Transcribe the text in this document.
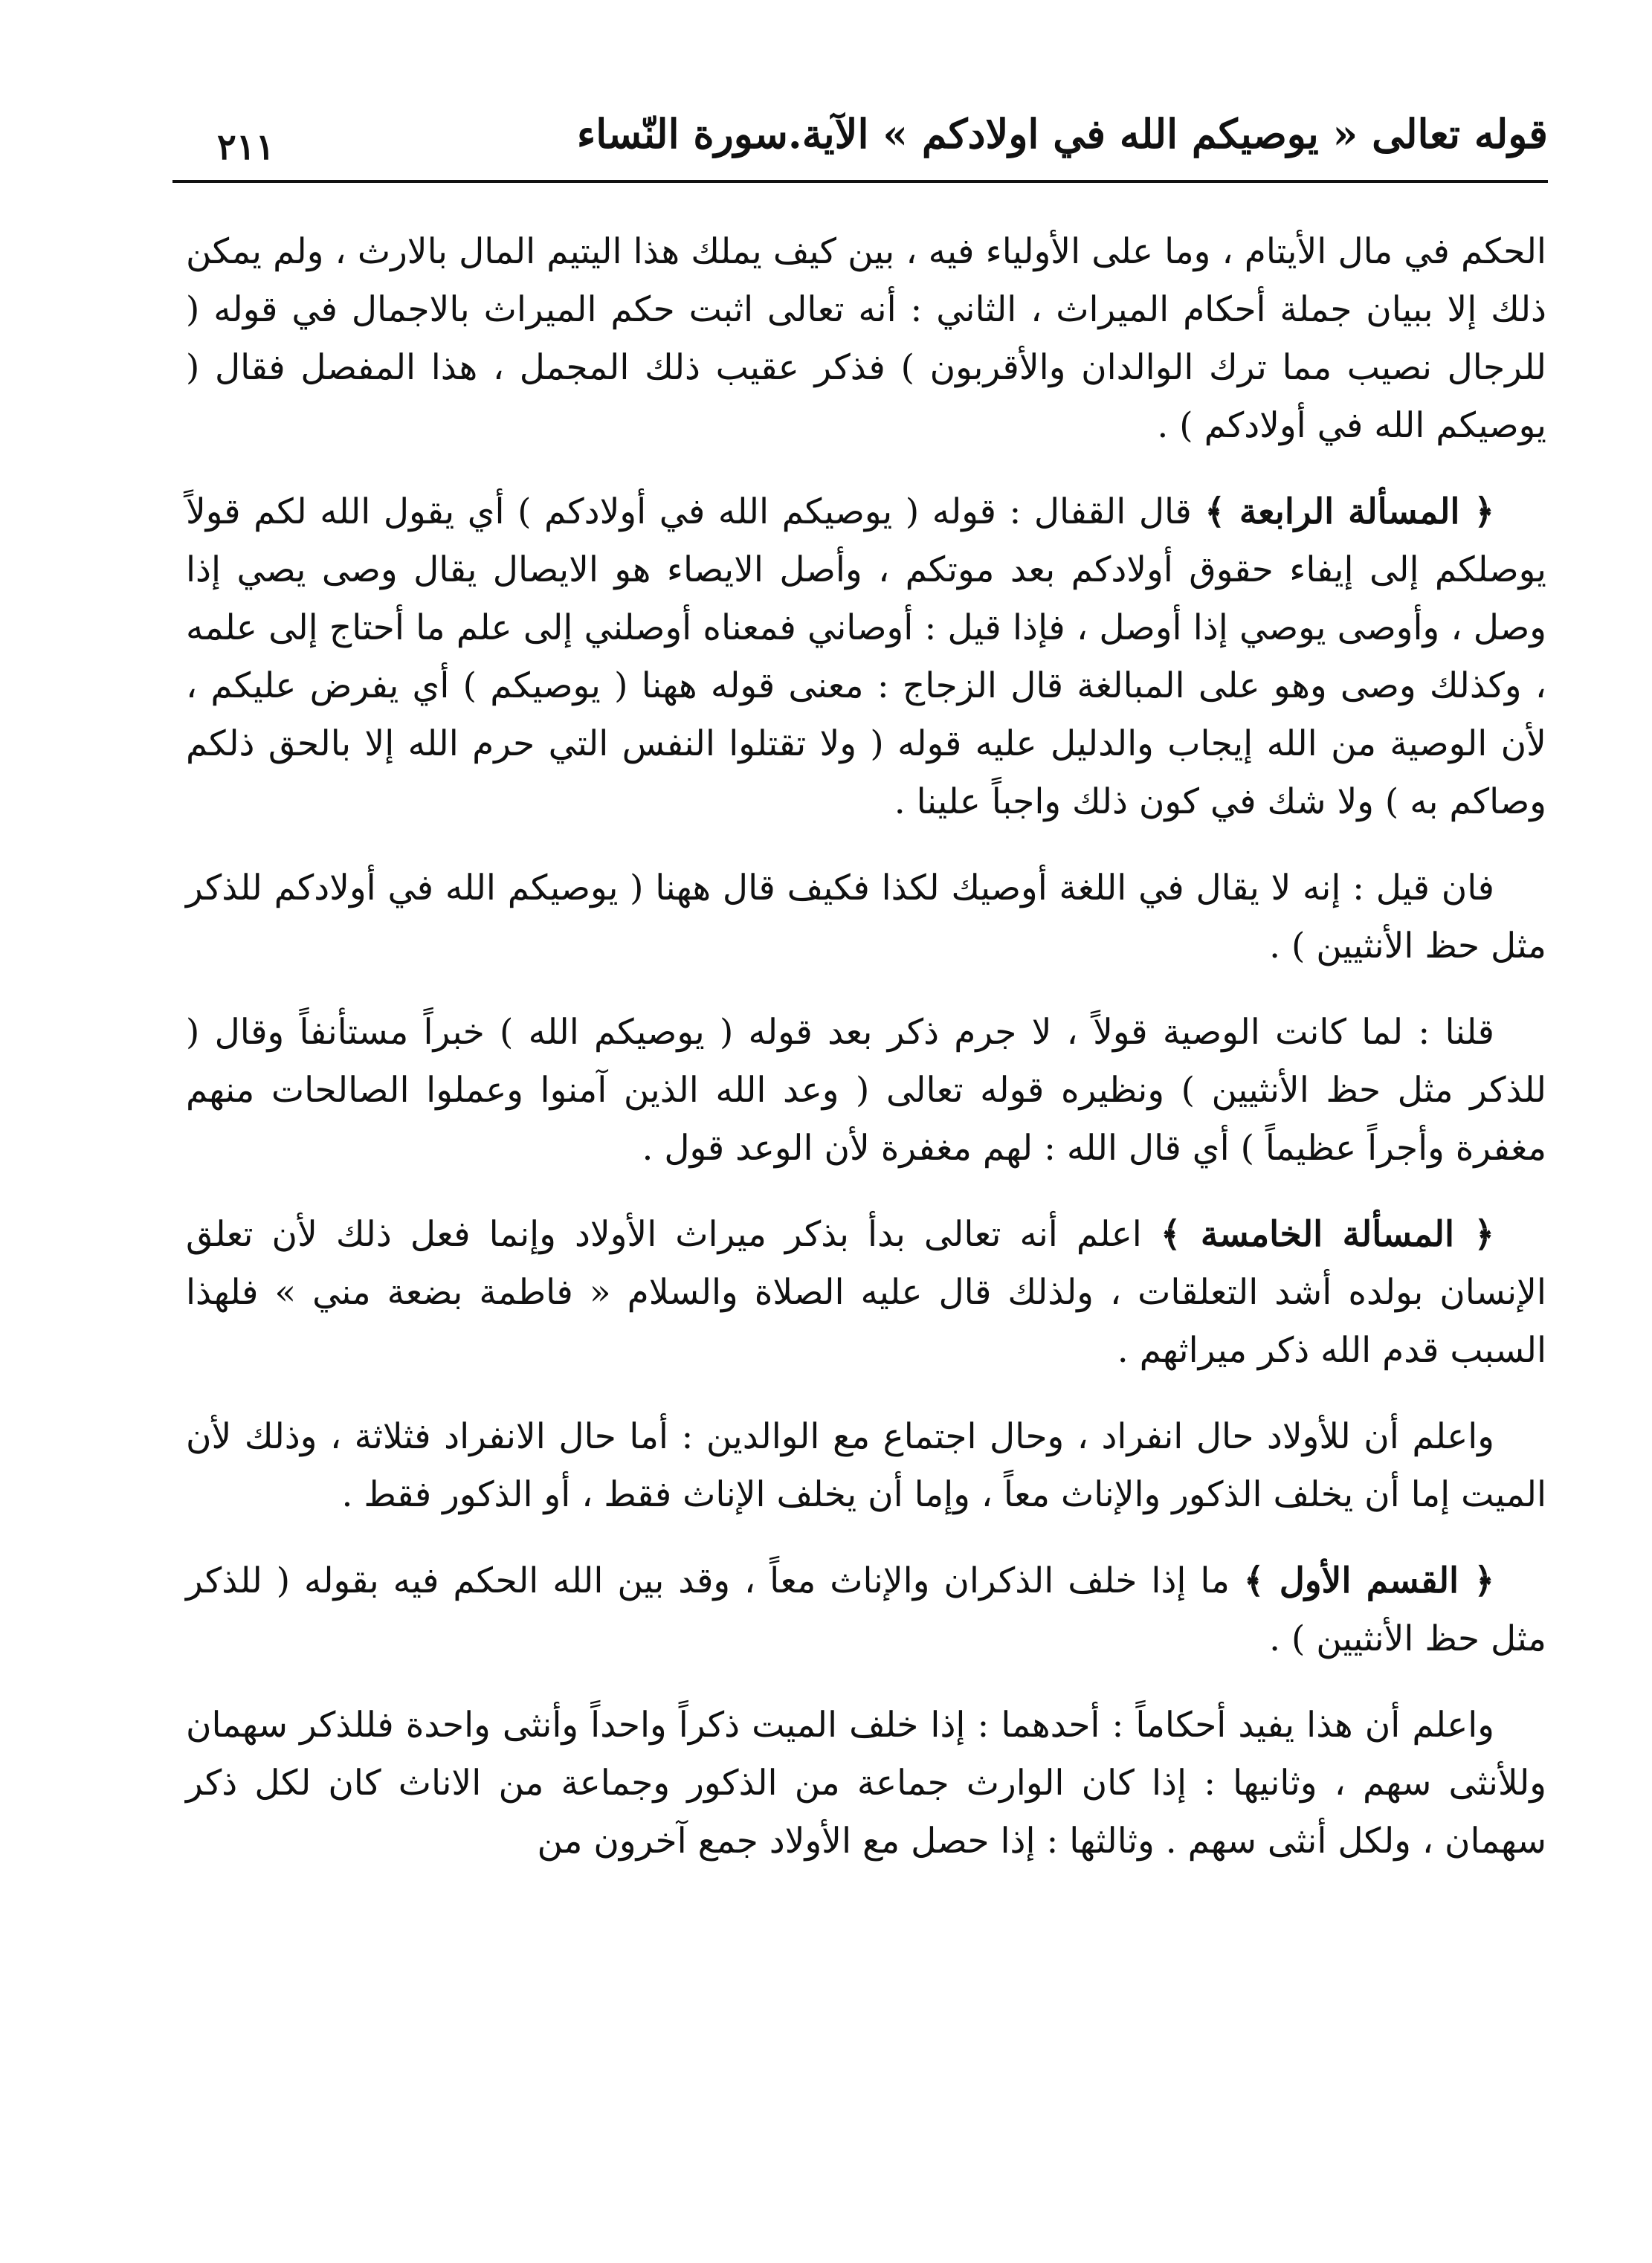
قوله تعالى « يوصيكم الله في اولادكم » الآية.سورة النّساء
٢١١

الحكم في مال الأيتام ، وما على الأولياء فيه ، بين كيف يملك هذا اليتيم المال بالارث ، ولم يمكن ذلك إلا ببيان جملة أحكام الميراث ، الثاني : أنه تعالى اثبت حكم الميراث بالاجمال في قوله ( للرجال نصيب مما ترك الوالدان والأقربون ) فذكر عقيب ذلك المجمل ، هذا المفصل فقال ( يوصيكم الله في أولادكم ) .

﴿ المسألة الرابعة ﴾ قال القفال : قوله ( يوصيكم الله في أولادكم ) أي يقول الله لكم قولاً يوصلكم إلى إيفاء حقوق أولادكم بعد موتكم ، وأصل الايصاء هو الايصال يقال وصى يصي إذا وصل ، وأوصى يوصي إذا أوصل ، فإذا قيل : أوصاني فمعناه أوصلني إلى علم ما أحتاج إلى علمه ، وكذلك وصى وهو على المبالغة قال الزجاج : معنى قوله ههنا ( يوصيكم ) أي يفرض عليكم ، لأن الوصية من الله إيجاب والدليل عليه قوله ( ولا تقتلوا النفس التي حرم الله إلا بالحق ذلكم وصاكم به ) ولا شك في كون ذلك واجباً علينا .

فان قيل : إنه لا يقال في اللغة أوصيك لكذا فكيف قال ههنا ( يوصيكم الله في أولادكم للذكر مثل حظ الأنثيين ) .

قلنا : لما كانت الوصية قولاً ، لا جرم ذكر بعد قوله ( يوصيكم الله ) خبراً مستأنفاً وقال ( للذكر مثل حظ الأنثيين ) ونظيره قوله تعالى ( وعد الله الذين آمنوا وعملوا الصالحات منهم مغفرة وأجراً عظيماً ) أي قال الله : لهم مغفرة لأن الوعد قول .

﴿ المسألة الخامسة ﴾ اعلم أنه تعالى بدأ بذكر ميراث الأولاد وإنما فعل ذلك لأن تعلق الإنسان بولده أشد التعلقات ، ولذلك قال عليه الصلاة والسلام « فاطمة بضعة مني » فلهذا السبب قدم الله ذكر ميراثهم .

واعلم أن للأولاد حال انفراد ، وحال اجتماع مع الوالدين : أما حال الانفراد فثلاثة ، وذلك لأن الميت إما أن يخلف الذكور والإناث معاً ، وإما أن يخلف الإناث فقط ، أو الذكور فقط .

﴿ القسم الأول ﴾ ما إذا خلف الذكران والإناث معاً ، وقد بين الله الحكم فيه بقوله ( للذكر مثل حظ الأنثيين ) .

واعلم أن هذا يفيد أحكاماً : أحدهما : إذا خلف الميت ذكراً واحداً وأنثى واحدة فللذكر سهمان وللأنثى سهم ، وثانيها : إذا كان الوارث جماعة من الذكور وجماعة من الاناث كان لكل ذكر سهمان ، ولكل أنثى سهم . وثالثها : إذا حصل مع الأولاد جمع آخرون من
